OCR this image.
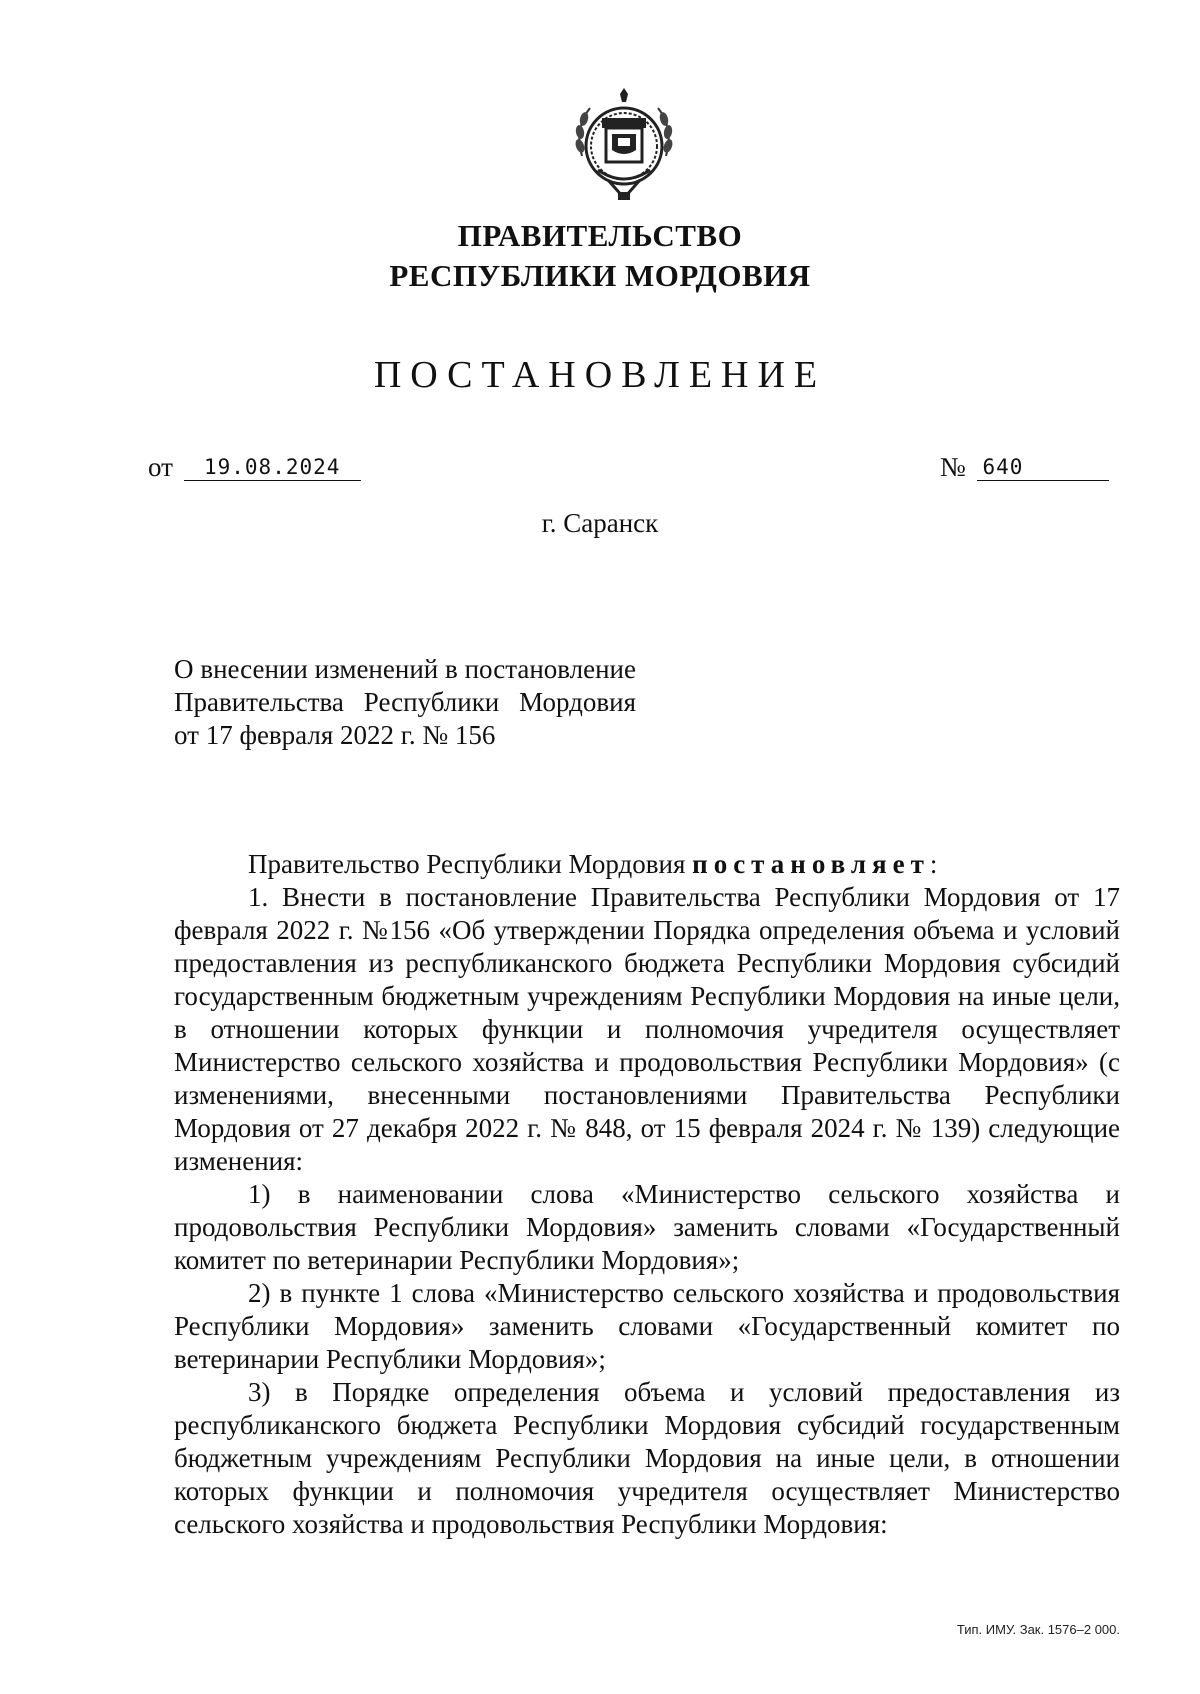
ПРАВИТЕЛЬСТВО
РЕСПУБЛИКИ МОРДОВИЯ
ПОСТАНОВЛЕНИЕ
от 19.08.2024	№ 640
г. Саранск
О внесении изменений в постановление Правительства Республики Мордовия от 17 февраля 2022 г. № 156

Правительство Республики Мордовия постановляет:

1. Внести в постановление Правительства Республики Мордовия от 17 февраля 2022 г. №156 «Об утверждении Порядка определения объема и условий предоставления из республиканского бюджета Республики Мордовия субсидий государственным бюджетным учреждениям Республики Мордовия на иные цели, в отношении которых функции и полномочия учредителя осуществляет Министерство сельского хозяйства и продовольствия Республики Мордовия» (с изменениями, внесенными постановлениями Правительства Республики Мордовия от 27 декабря 2022 г. № 848, от 15 февраля 2024 г. № 139) следующие изменения:

1) в наименовании слова «Министерство сельского хозяйства и продовольствия Республики Мордовия» заменить словами «Государственный комитет по ветеринарии Республики Мордовия»;

2) в пункте 1 слова «Министерство сельского хозяйства и продовольствия Республики Мордовия» заменить словами «Государственный комитет по ветеринарии Республики Мордовия»;

3) в Порядке определения объема и условий предоставления из республиканского бюджета Республики Мордовия субсидий государственным бюджетным учреждениям Республики Мордовия на иные цели, в отношении которых функции и полномочия учредителя осуществляет Министерство сельского хозяйства и продовольствия Республики Мордовия:

Тип. ИМУ. Зак. 1576–2 000.
